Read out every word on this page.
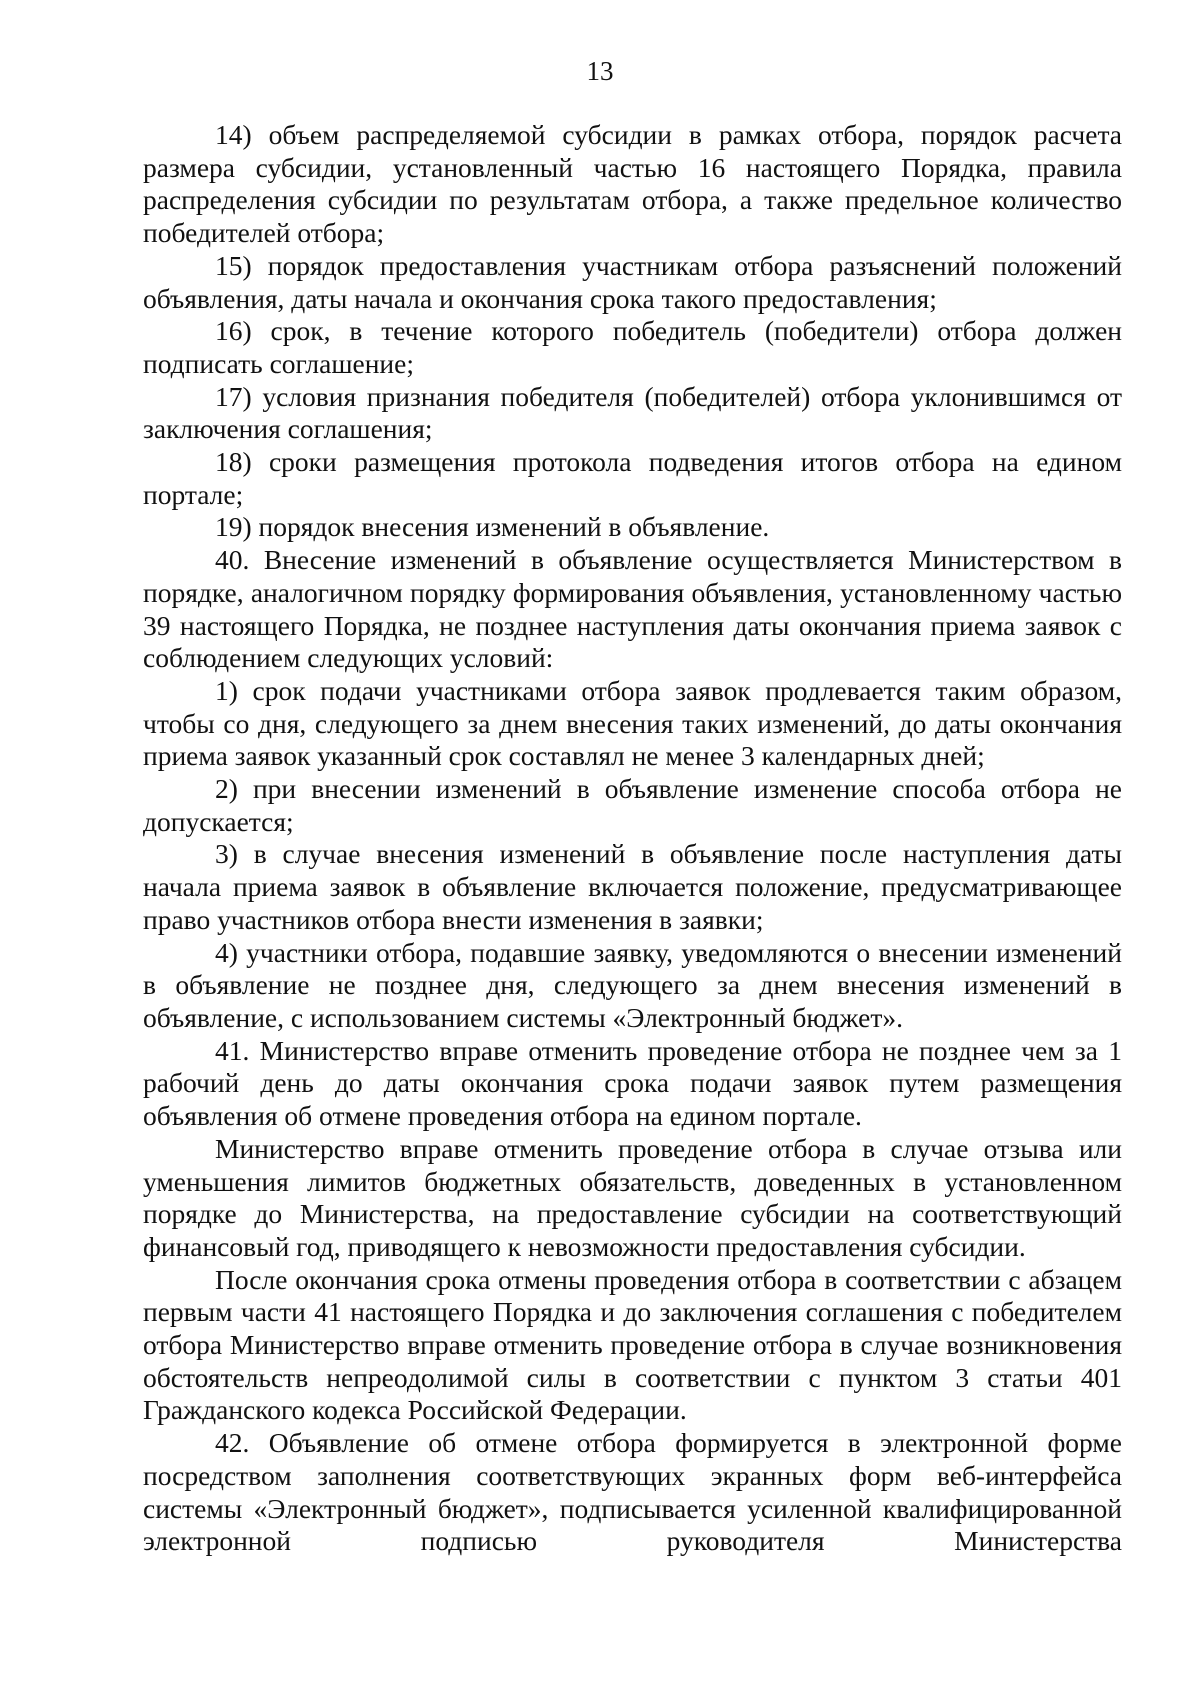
13

14) объем распределяемой субсидии в рамках отбора, порядок расчета размера субсидии, установленный частью 16 настоящего Порядка, правила распределения субсидии по результатам отбора, а также предельное количество победителей отбора;

15) порядок предоставления участникам отбора разъяснений положений объявления, даты начала и окончания срока такого предоставления;

16) срок, в течение которого победитель (победители) отбора должен подписать соглашение;

17) условия признания победителя (победителей) отбора уклонившимся от заключения соглашения;

18) сроки размещения протокола подведения итогов отбора на едином портале;

19) порядок внесения изменений в объявление.

40. Внесение изменений в объявление осуществляется Министерством в порядке, аналогичном порядку формирования объявления, установленному частью 39 настоящего Порядка, не позднее наступления даты окончания приема заявок с соблюдением следующих условий:

1) срок подачи участниками отбора заявок продлевается таким образом, чтобы со дня, следующего за днем внесения таких изменений, до даты окончания приема заявок указанный срок составлял не менее 3 календарных дней;

2) при внесении изменений в объявление изменение способа отбора не допускается;

3) в случае внесения изменений в объявление после наступления даты начала приема заявок в объявление включается положение, предусматривающее право участников отбора внести изменения в заявки;

4) участники отбора, подавшие заявку, уведомляются о внесении изменений в объявление не позднее дня, следующего за днем внесения изменений в объявление, с использованием системы «Электронный бюджет».

41. Министерство вправе отменить проведение отбора не позднее чем за 1 рабочий день до даты окончания срока подачи заявок путем размещения объявления об отмене проведения отбора на едином портале.

Министерство вправе отменить проведение отбора в случае отзыва или уменьшения лимитов бюджетных обязательств, доведенных в установленном порядке до Министерства, на предоставление субсидии на соответствующий финансовый год, приводящего к невозможности предоставления субсидии.

После окончания срока отмены проведения отбора в соответствии с абзацем первым части 41 настоящего Порядка и до заключения соглашения с победителем отбора Министерство вправе отменить проведение отбора в случае возникновения обстоятельств непреодолимой силы в соответствии с пунктом 3 статьи 401 Гражданского кодекса Российской Федерации.

42. Объявление об отмене отбора формируется в электронной форме посредством заполнения соответствующих экранных форм веб-интерфейса системы «Электронный бюджет», подписывается усиленной квалифицированной электронной подписью руководителя Министерства
